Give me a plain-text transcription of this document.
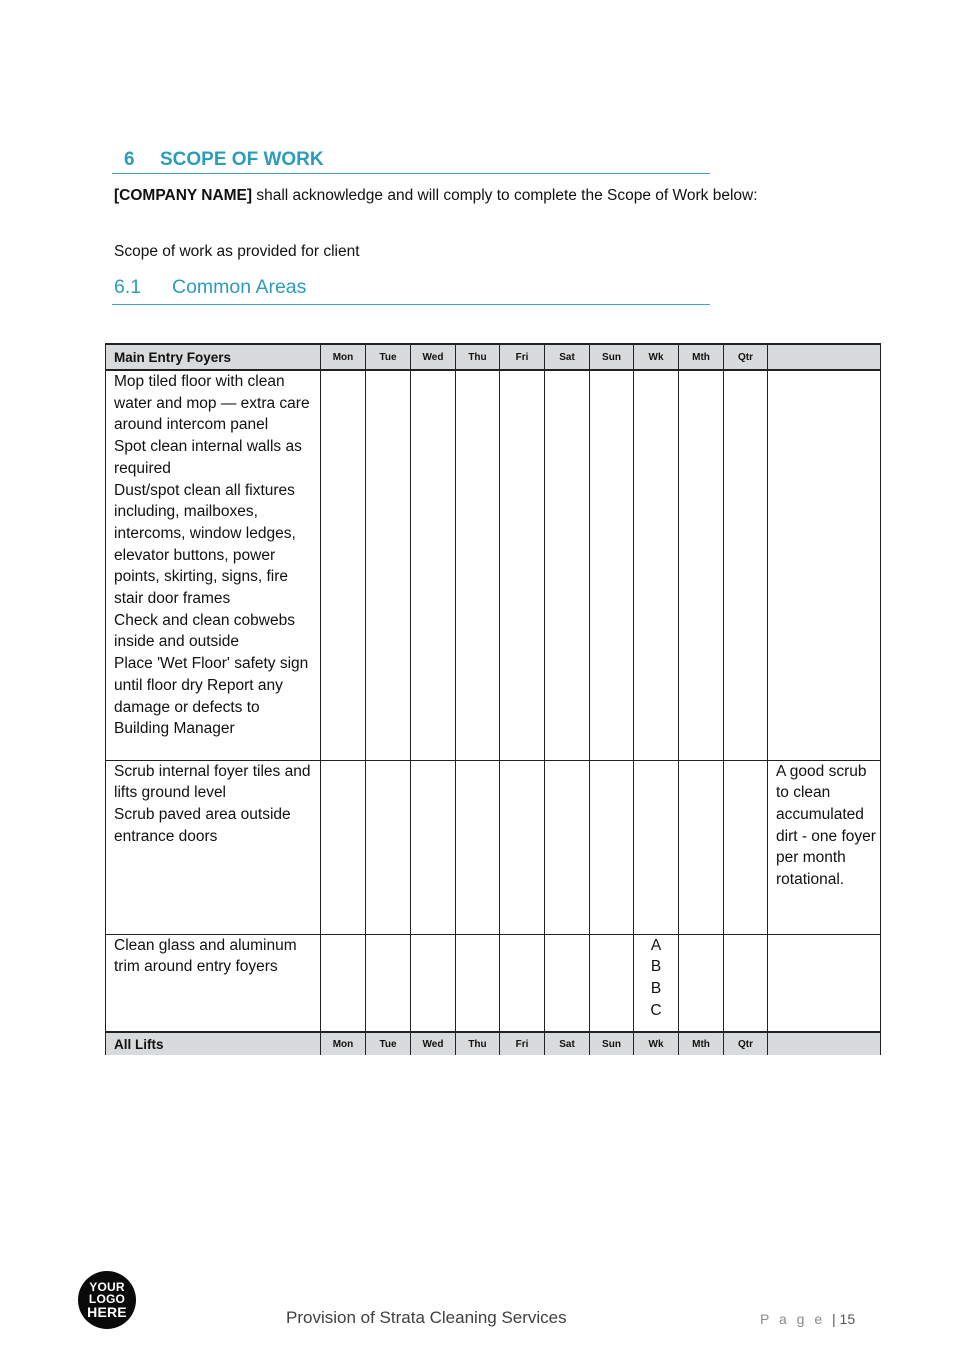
6 SCOPE OF WORK
[COMPANY NAME] shall acknowledge and will comply to complete the Scope of Work below:
Scope of work as provided for client
6.1 Common Areas
Main Entry Foyers	Mon	Tue	Wed	Thu	Fri	Sat	Sun	Wk	Mth	Qtr	

Mop tiled floor with clean water and mop — extra care around intercom panel
Spot clean internal walls as required
Dust/spot clean all fixtures including, mailboxes, intercoms, window ledges, elevator buttons, power points, skirting, signs, fire stair door frames
Check and clean cobwebs inside and outside
Place 'Wet Floor' safety sign until floor dry Report any damage or defects to Building Manager											

Scrub internal foyer tiles and lifts ground level
Scrub paved area outside entrance doors											A good scrub to clean accumulated dirt - one foyer per month rotational.

Clean glass and aluminum trim around entry foyers								A
B
B
C			

All Lifts	Mon	Tue	Wed	Thu	Fri	Sat	Sun	Wk	Mth	Qtr	
YOUR
LOGO
HERE	Provision of Strata Cleaning Services	P a g e | 15
